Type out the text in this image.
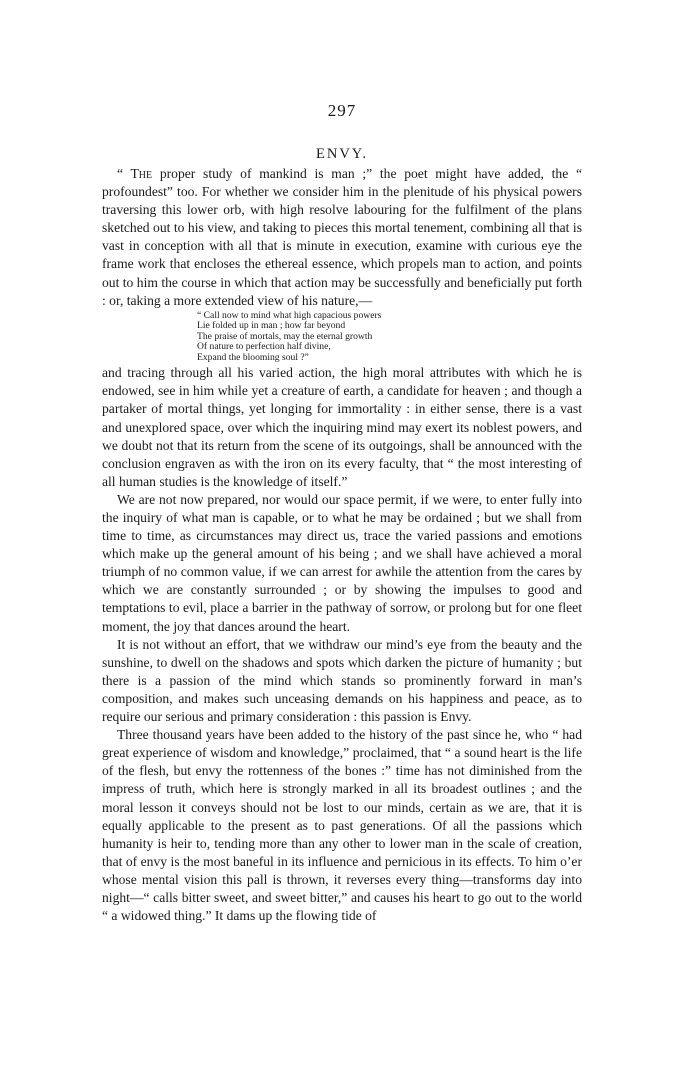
297
ENVY.

“ The proper study of mankind is man ;” the poet might have added, the “ profoundest” too. For whether we consider him in the plenitude of his physical powers traversing this lower orb, with high resolve labouring for the fulfilment of the plans sketched out to his view, and taking to pieces this mortal tenement, combining all that is vast in conception with all that is minute in execution, examine with curious eye the frame work that encloses the ethereal essence, which propels man to action, and points out to him the course in which that action may be successfully and beneficially put forth : or, taking a more extended view of his nature,—

“ Call now to mind what high capacious powers
Lie folded up in man ; how far beyond
The praise of mortals, may the eternal growth
Of nature to perfection half divine,
Expand the blooming soul ?”

and tracing through all his varied action, the high moral attributes with which he is endowed, see in him while yet a creature of earth, a candidate for heaven ; and though a partaker of mortal things, yet longing for immortality : in either sense, there is a vast and unexplored space, over which the inquiring mind may exert its noblest powers, and we doubt not that its return from the scene of its outgoings, shall be announced with the conclusion engraven as with the iron on its every faculty, that “ the most interesting of all human studies is the knowledge of itself.”

We are not now prepared, nor would our space permit, if we were, to enter fully into the inquiry of what man is capable, or to what he may be ordained ; but we shall from time to time, as circumstances may direct us, trace the varied passions and emotions which make up the general amount of his being ; and we shall have achieved a moral triumph of no common value, if we can arrest for awhile the attention from the cares by which we are constantly surrounded ; or by showing the impulses to good and temptations to evil, place a barrier in the pathway of sorrow, or prolong but for one fleet moment, the joy that dances around the heart.

It is not without an effort, that we withdraw our mind’s eye from the beauty and the sunshine, to dwell on the shadows and spots which darken the picture of humanity ; but there is a passion of the mind which stands so prominently forward in man’s composition, and makes such unceasing demands on his happiness and peace, as to require our serious and primary consideration : this passion is Envy.

Three thousand years have been added to the history of the past since he, who “ had great experience of wisdom and knowledge,” proclaimed, that “ a sound heart is the life of the flesh, but envy the rottenness of the bones :” time has not diminished from the impress of truth, which here is strongly marked in all its broadest outlines ; and the moral lesson it conveys should not be lost to our minds, certain as we are, that it is equally applicable to the present as to past generations. Of all the passions which humanity is heir to, tending more than any other to lower man in the scale of creation, that of envy is the most baneful in its influence and pernicious in its effects. To him o’er whose mental vision this pall is thrown, it reverses every thing—transforms day into night—“ calls bitter sweet, and sweet bitter,” and causes his heart to go out to the world “ a widowed thing.” It dams up the flowing tide of
